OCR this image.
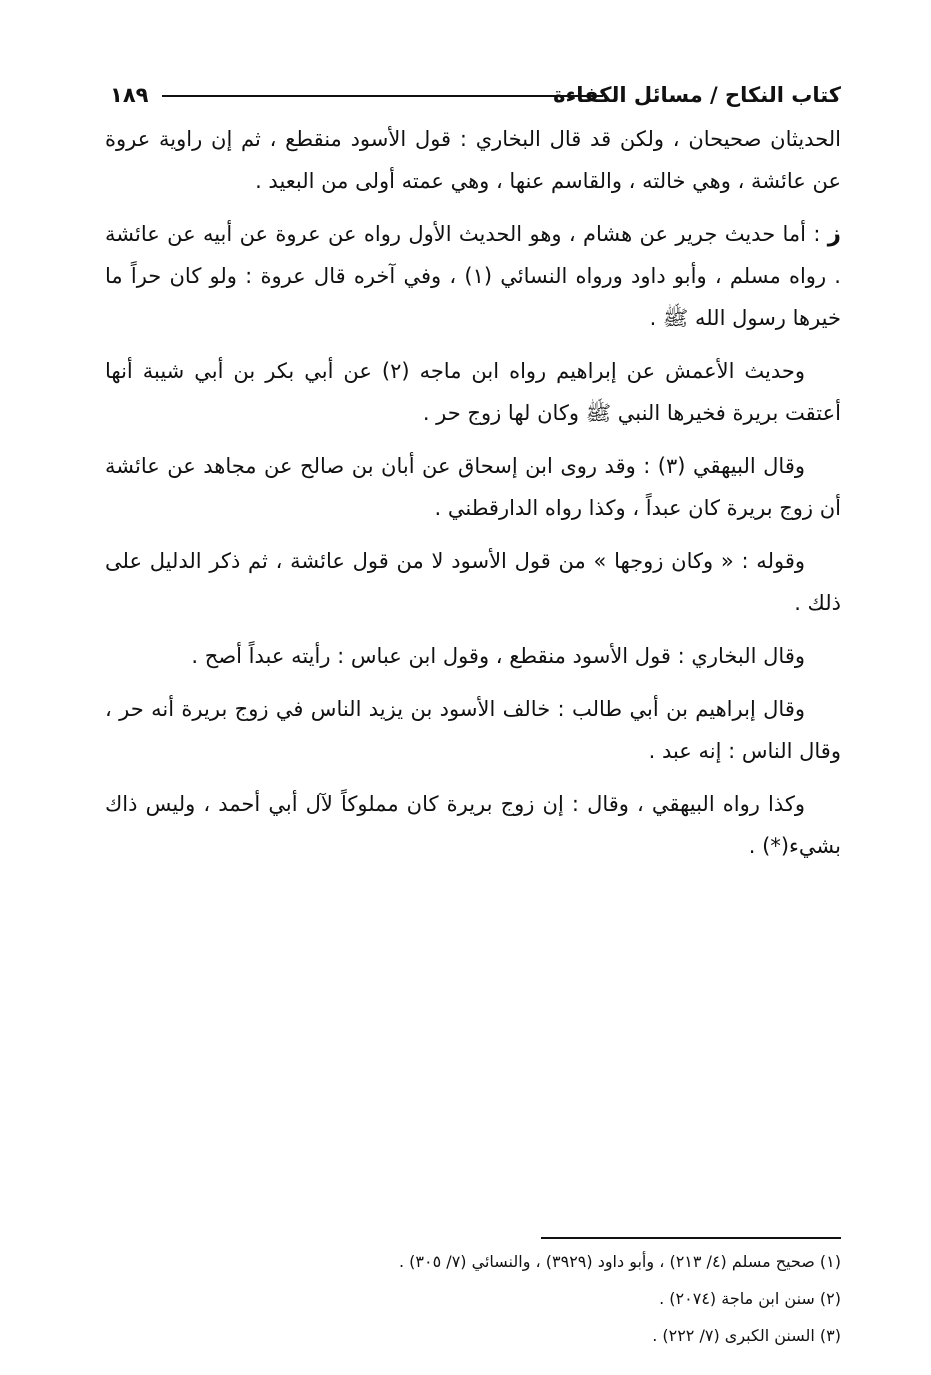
كتاب النكاح / مسائل الكفاءة
١٨٩

الحديثان صحيحان ، ولكن قد قال البخاري : قول الأسود منقطع ، ثم إن راوية عروة عن عائشة ، وهي خالته ، والقاسم عنها ، وهي عمته أولى من البعيد .

ز : أما حديث جرير عن هشام ، وهو الحديث الأول رواه عن عروة عن أبيه عن عائشة . رواه مسلم ، وأبو داود ورواه النسائي (١) ، وفي آخره قال عروة : ولو كان حراً ما خيرها رسول الله ﷺ .

وحديث الأعمش عن إبراهيم رواه ابن ماجه (٢) عن أبي بكر بن أبي شيبة أنها أعتقت بريرة فخيرها النبي ﷺ وكان لها زوج حر .

وقال البيهقي (٣) : وقد روى ابن إسحاق عن أبان بن صالح عن مجاهد عن عائشة أن زوج بريرة كان عبداً ، وكذا رواه الدارقطني .

وقوله : « وكان زوجها » من قول الأسود لا من قول عائشة ، ثم ذكر الدليل على ذلك .

وقال البخاري : قول الأسود منقطع ، وقول ابن عباس : رأيته عبداً أصح .

وقال إبراهيم بن أبي طالب : خالف الأسود بن يزيد الناس في زوج بريرة أنه حر ، وقال الناس : إنه عبد .

وكذا رواه البيهقي ، وقال : إن زوج بريرة كان مملوكاً لآل أبي أحمد ، وليس ذاك بشيء(*) .

(١) صحيح مسلم (٤/ ٢١٣) ، وأبو داود (٣٩٢٩) ، والنسائي (٧/ ٣٠٥) .
(٢) سنن ابن ماجة (٢٠٧٤) .
(٣) السنن الكبرى (٧/ ٢٢٢) .
